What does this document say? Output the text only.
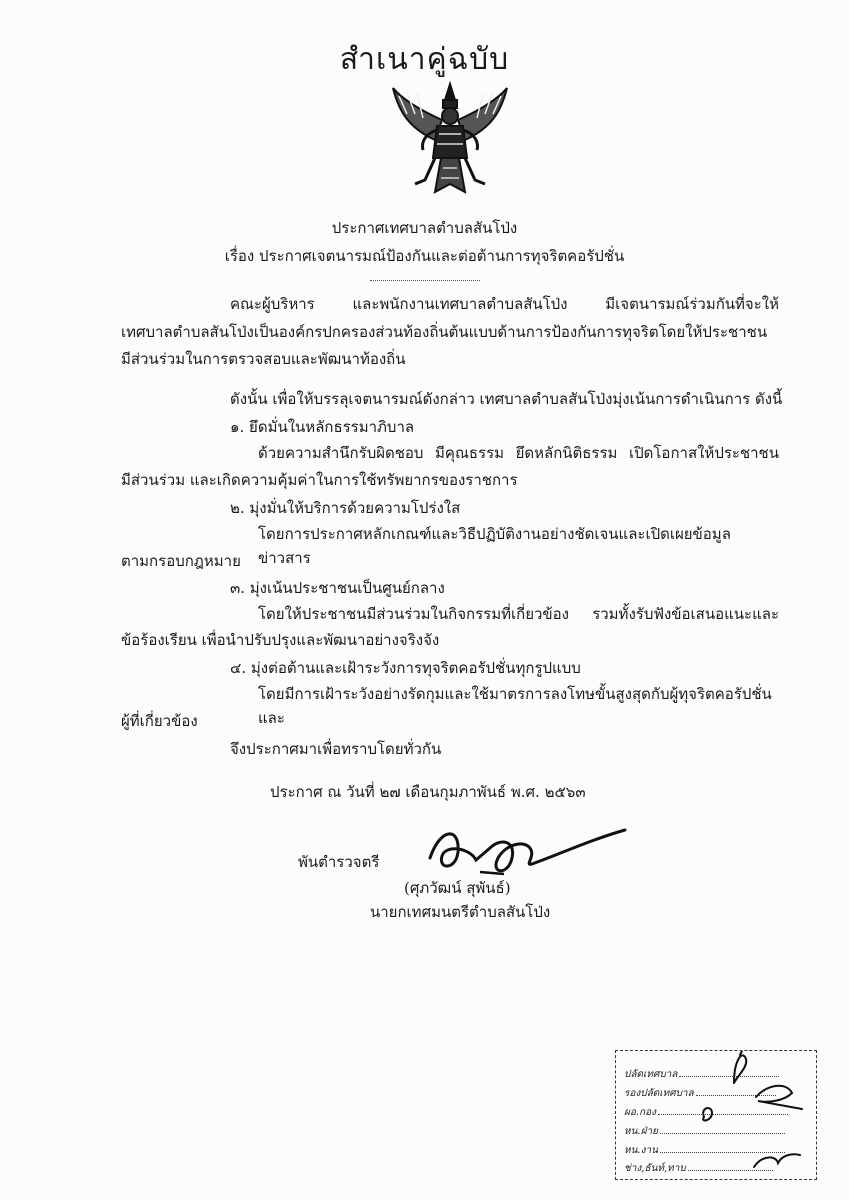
สำเนาคู่ฉบับ
ประกาศเทศบาลตำบลสันโป่ง
เรื่อง ประกาศเจตนารมณ์ป้องกันและต่อต้านการทุจริตคอรัปชั่น
คณะผู้บริหาร และพนักงานเทศบาลตำบลสันโป่ง มีเจตนารมณ์ร่วมกันที่จะให้
เทศบาลตำบลสันโป่งเป็นองค์กรปกครองส่วนท้องถิ่นต้นแบบด้านการป้องกันการทุจริตโดยให้ประชาชน
มีส่วนร่วมในการตรวจสอบและพัฒนาท้องถิ่น
ดังนั้น เพื่อให้บรรลุเจตนารมณ์ดังกล่าว เทศบาลตำบลสันโป่งมุ่งเน้นการดำเนินการ ดังนี้
๑. ยึดมั่นในหลักธรรมาภิบาล
ด้วยความสำนึกรับผิดชอบ มีคุณธรรม ยึดหลักนิติธรรม เปิดโอกาสให้ประชาชน
มีส่วนร่วม และเกิดความคุ้มค่าในการใช้ทรัพยากรของราชการ
๒. มุ่งมั่นให้บริการด้วยความโปร่งใส
โดยการประกาศหลักเกณฑ์และวิธีปฏิบัติงานอย่างชัดเจนและเปิดเผยข้อมูลข่าวสาร
ตามกรอบกฎหมาย
๓. มุ่งเน้นประชาชนเป็นศูนย์กลาง
โดยให้ประชาชนมีส่วนร่วมในกิจกรรมที่เกี่ยวข้อง รวมทั้งรับฟังข้อเสนอแนะและ
ข้อร้องเรียน เพื่อนำปรับปรุงและพัฒนาอย่างจริงจัง
๔. มุ่งต่อต้านและเฝ้าระวังการทุจริตคอรัปชั่นทุกรูปแบบ
โดยมีการเฝ้าระวังอย่างรัดกุมและใช้มาตรการลงโทษขั้นสูงสุดกับผู้ทุจริตคอรัปชั่นและ
ผู้ที่เกี่ยวข้อง
จึงประกาศมาเพื่อทราบโดยทั่วกัน
ประกาศ ณ วันที่ ๒๗ เดือนกุมภาพันธ์ พ.ศ. ๒๕๖๓
พันตำรวจตรี
(ศุภวัฒน์ สุพันธ์)
นายกเทศมนตรีตำบลสันโป่ง
ปลัดเทศบาล
รองปลัดเทศบาล
ผอ.กอง
หน.ฝ่าย
หน.งาน
ช่าง,ธันท์,ทาบ
